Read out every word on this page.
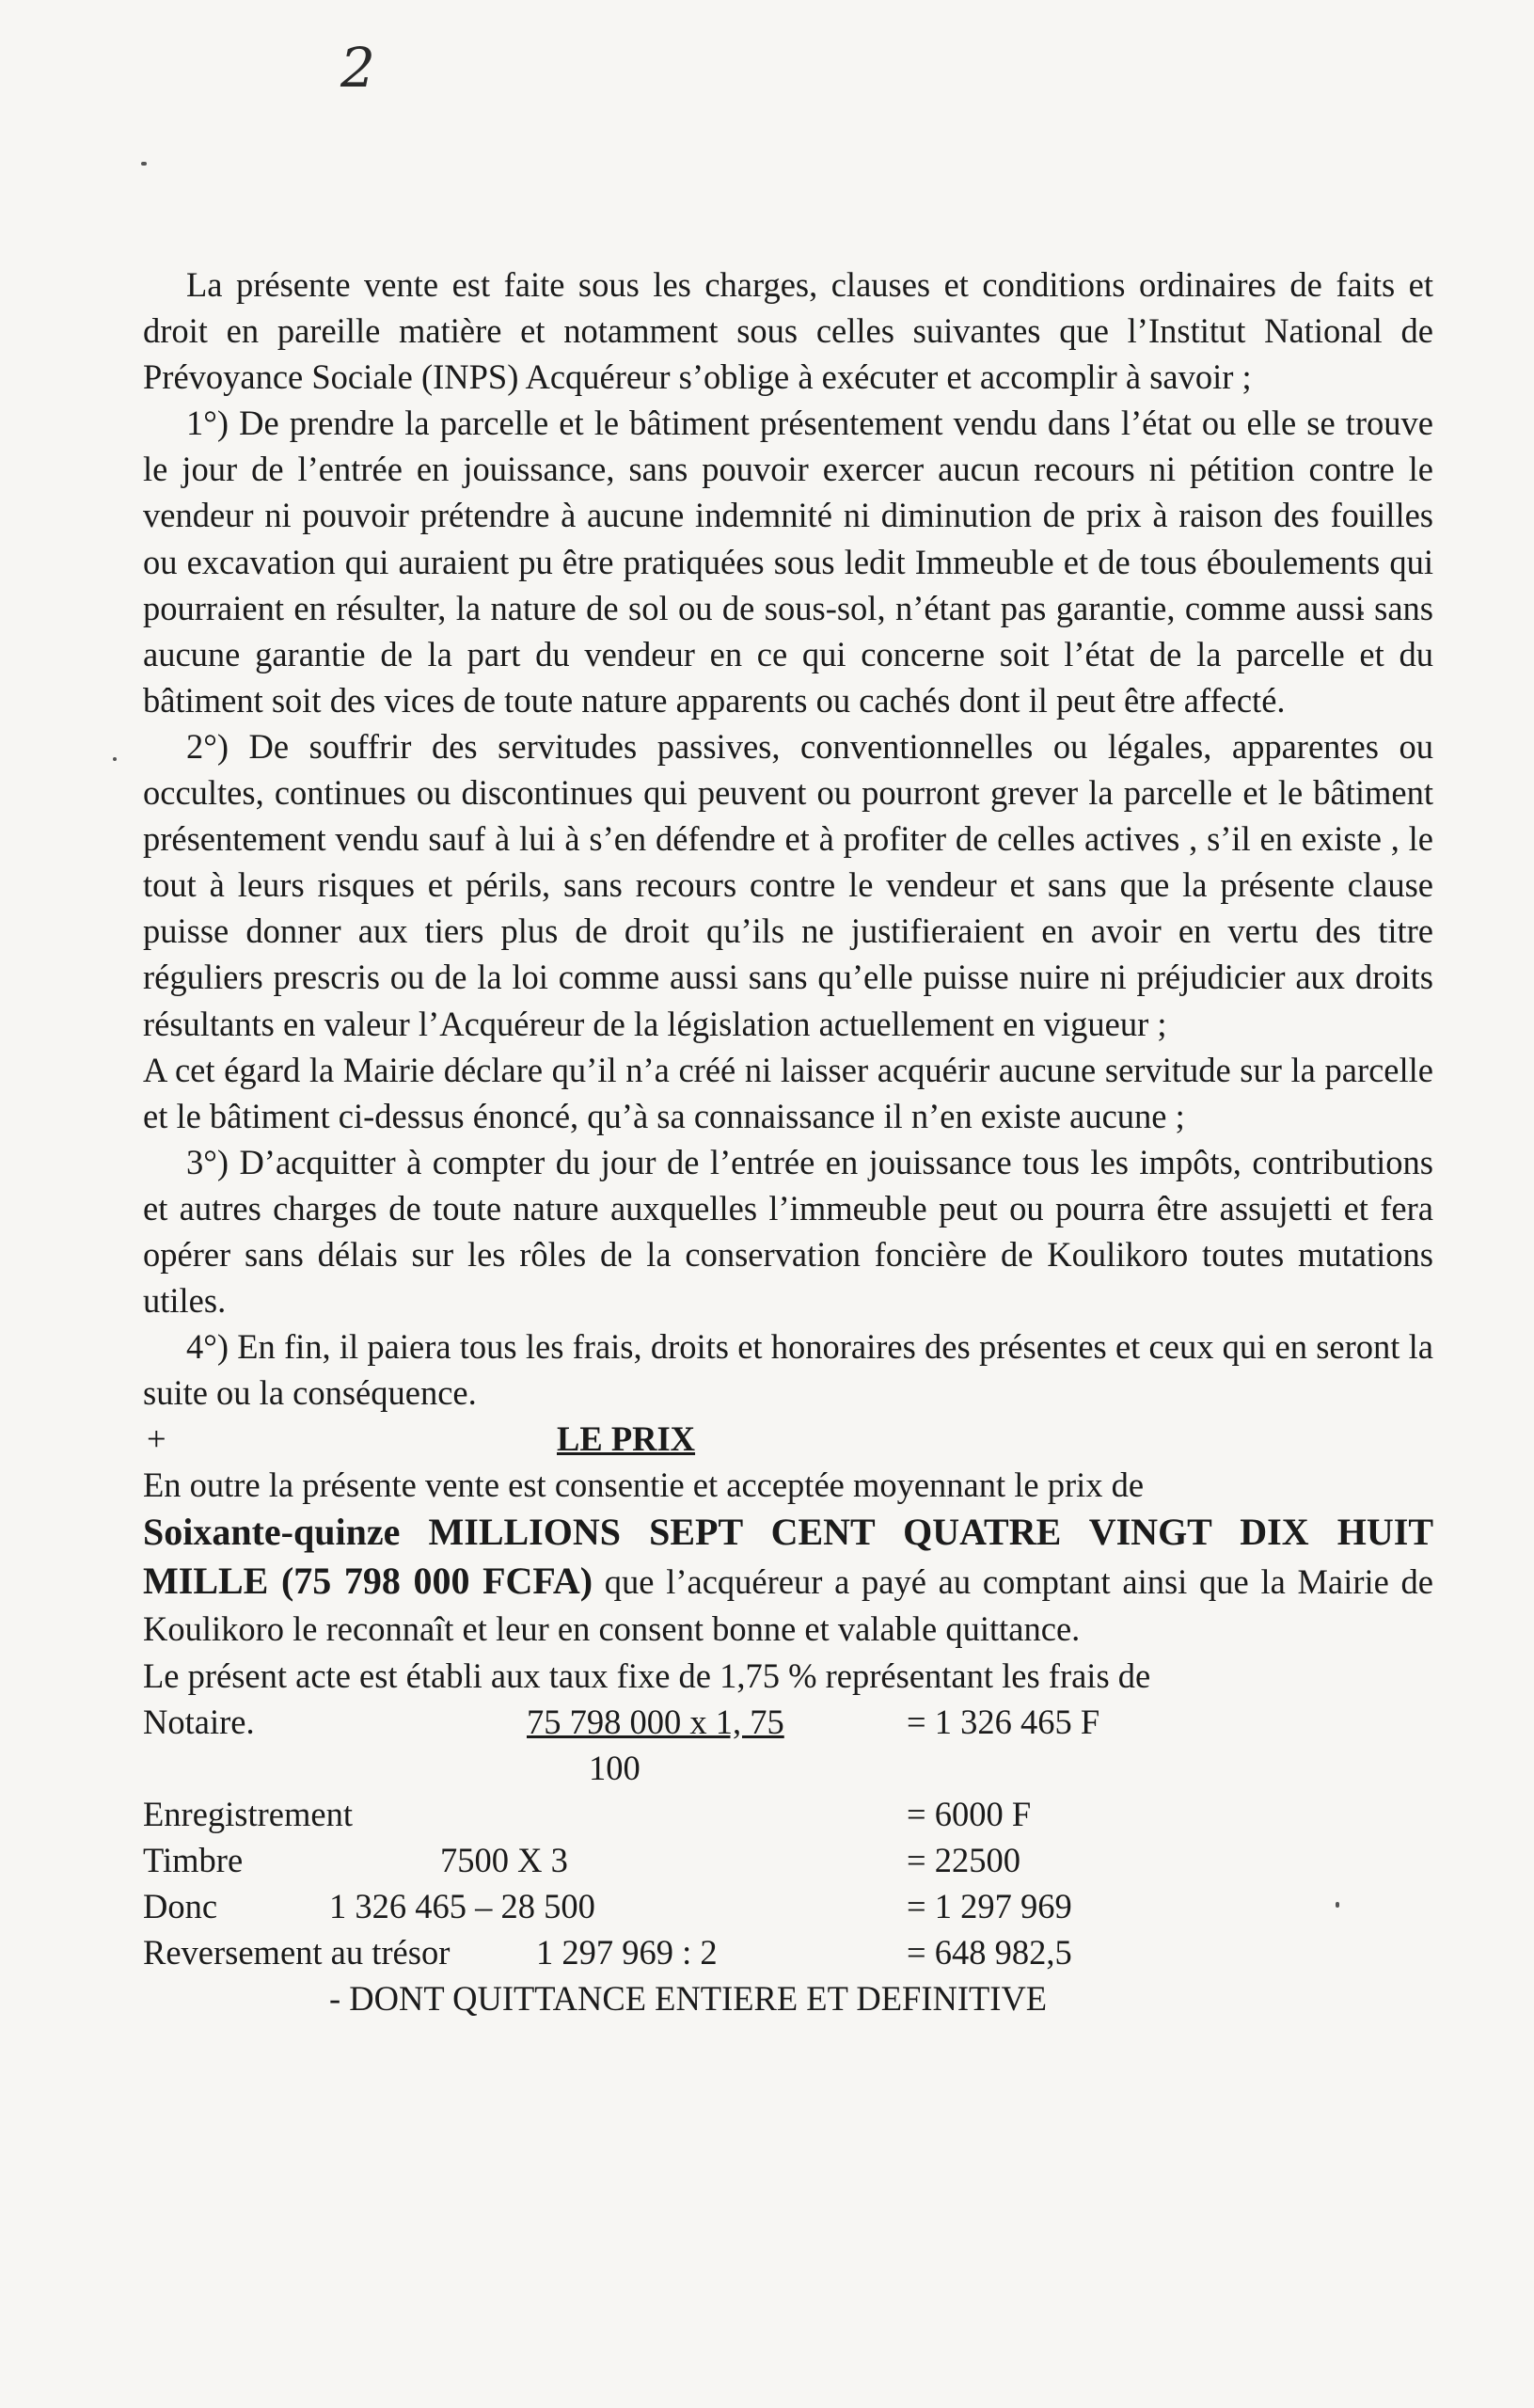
2

La présente vente est faite sous les charges, clauses et conditions ordinaires de faits et droit en pareille matière et notamment sous celles suivantes que l’Institut National de Prévoyance Sociale (INPS) Acquéreur s’oblige à exécuter et accomplir à savoir ;

1°) De prendre la parcelle et le bâtiment présentement vendu dans l’état ou elle se trouve le jour de l’entrée en jouissance, sans pouvoir exercer aucun recours ni pétition contre le vendeur ni pouvoir prétendre à aucune indemnité ni diminution de prix à raison des fouilles ou excavation qui auraient pu être pratiquées sous ledit Immeuble et de tous éboulements qui pourraient en résulter, la nature de sol ou de sous-sol, n’étant pas garantie, comme aussi sans aucune garantie de la part du vendeur en ce qui concerne soit l’état de la parcelle et du bâtiment soit des vices de toute nature apparents ou cachés dont il peut être affecté.

2°) De souffrir des servitudes passives, conventionnelles ou légales, apparentes ou occultes, continues ou discontinues qui peuvent ou pourront grever la parcelle et le bâtiment présentement vendu sauf à lui à s’en défendre et à profiter de celles actives , s’il en existe , le tout à leurs risques et périls, sans recours contre le vendeur et sans que la présente clause puisse donner aux tiers plus de droit qu’ils ne justifieraient en avoir en vertu des titre réguliers prescris ou de la loi comme aussi sans qu’elle puisse nuire ni préjudicier aux droits résultants en valeur l’Acquéreur de la législation actuellement en vigueur ;

A cet égard la Mairie déclare qu’il n’a créé ni laisser acquérir aucune servitude sur la parcelle et le bâtiment ci-dessus énoncé, qu’à sa connaissance il n’en existe aucune ;

3°) D’acquitter à compter du jour de l’entrée en jouissance tous les impôts, contributions et autres charges de toute nature auxquelles l’immeuble peut ou pourra être assujetti et fera opérer sans délais sur les rôles de la conservation foncière de Koulikoro toutes mutations utiles.

4°) En fin, il paiera tous les frais, droits et honoraires des présentes et ceux qui en seront la suite ou la conséquence.

+	LE PRIX

En outre la présente vente est consentie et acceptée moyennant le prix de

Soixante-quinze MILLIONS SEPT CENT QUATRE VINGT DIX HUIT MILLE (75 798 000 FCFA) que l’acquéreur a payé au comptant ainsi que la Mairie de Koulikoro le reconnaît et leur en consent bonne et valable quittance.

Le présent acte est établi aux taux fixe de 1,75 % représentant les frais de

Notaire.	75 798 000 x 1, 75	= 1 326 465 F
100
Enregistrement	= 6000 F
Timbre	7500 X 3	= 22500
Donc	1 326 465 – 28 500	= 1 297 969
Reversement au trésor	1 297 969 : 2	= 648 982,5
- DONT QUITTANCE ENTIERE ET DEFINITIVE
